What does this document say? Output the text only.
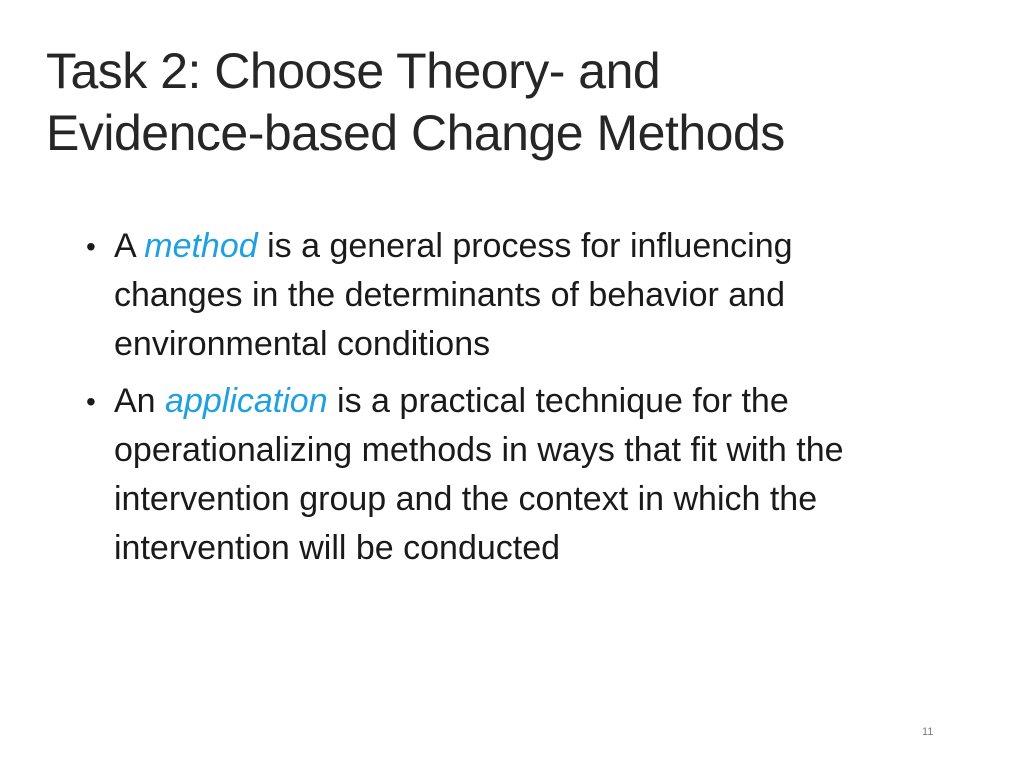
Task 2: Choose Theory- and
Evidence-based Change Methods
• A method is a general process for influencing changes in the determinants of behavior and environmental conditions
• An application is a practical technique for the operationalizing methods in ways that fit with the intervention group and the context in which the intervention will be conducted
11
